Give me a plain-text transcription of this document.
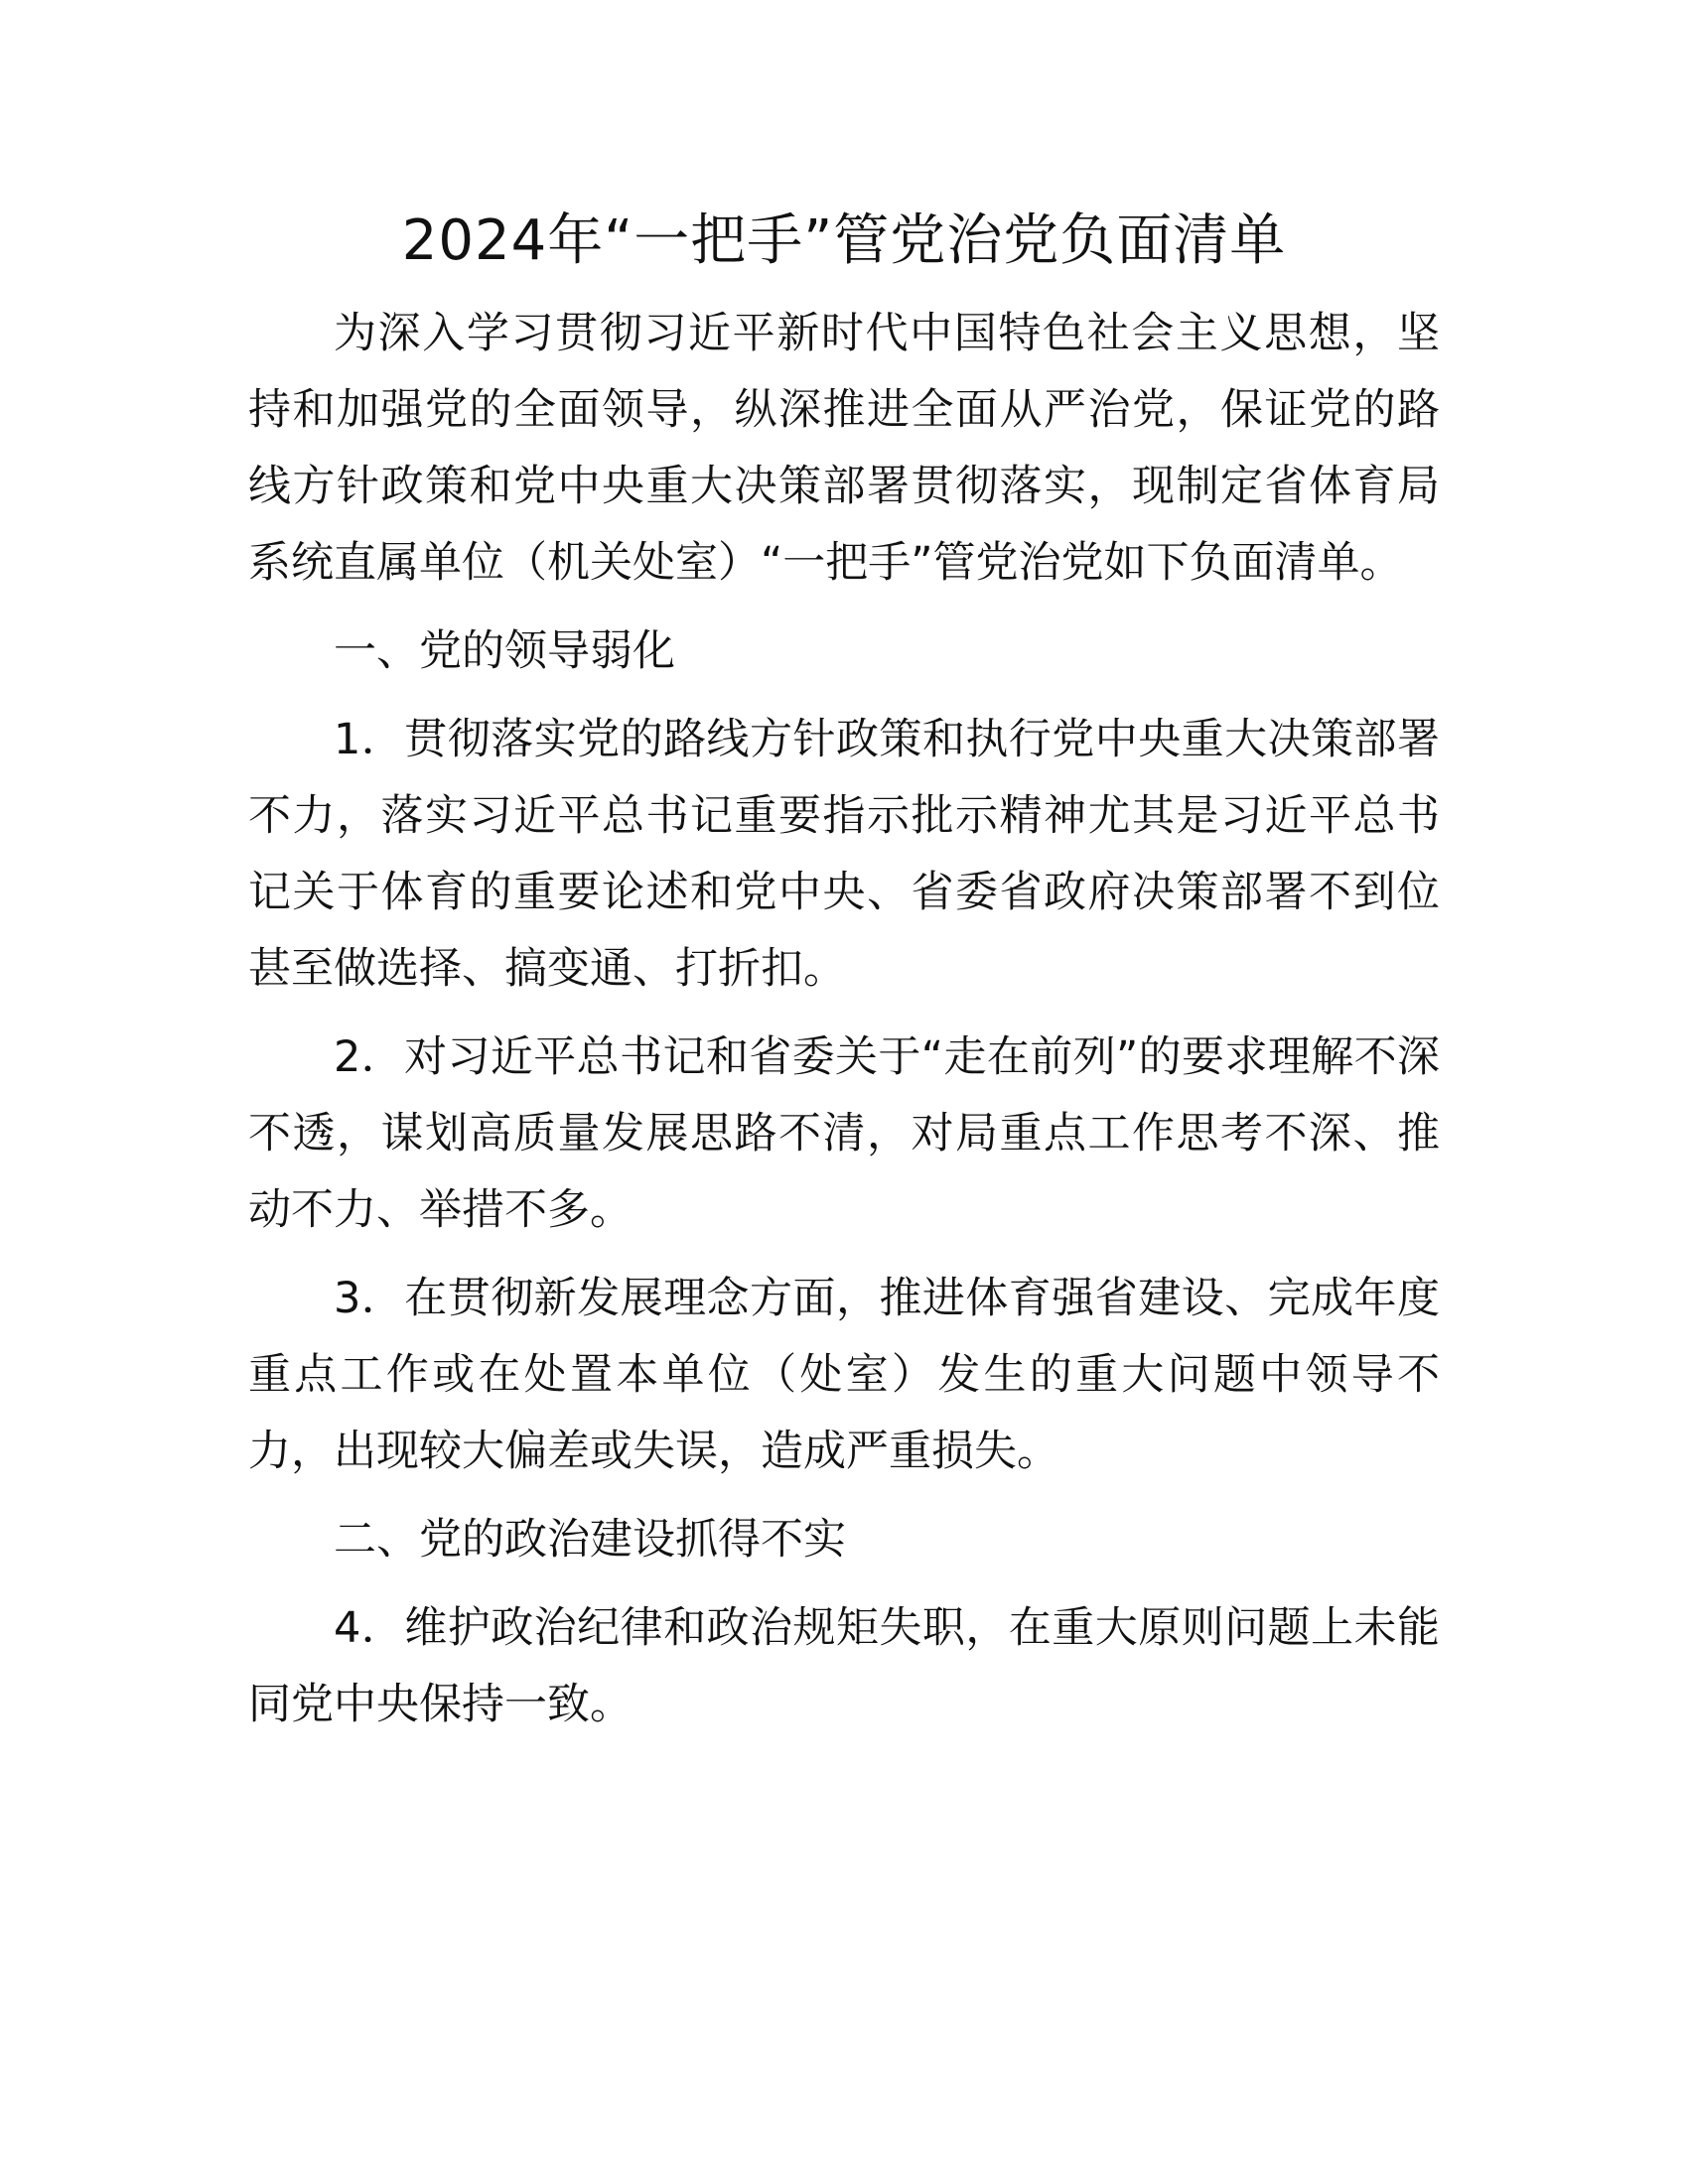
2024年“一把手”管党治党负面清单

为深入学习贯彻习近平新时代中国特色社会主义思想，坚持和加强党的全面领导，纵深推进全面从严治党，保证党的路线方针政策和党中央重大决策部署贯彻落实，现制定省体育局系统直属单位（机关处室）“一把手”管党治党如下负面清单。

一、党的领导弱化

1．贯彻落实党的路线方针政策和执行党中央重大决策部署不力，落实习近平总书记重要指示批示精神尤其是习近平总书记关于体育的重要论述和党中央、省委省政府决策部署不到位甚至做选择、搞变通、打折扣。

2．对习近平总书记和省委关于“走在前列”的要求理解不深不透，谋划高质量发展思路不清，对局重点工作思考不深、推动不力、举措不多。

3．在贯彻新发展理念方面，推进体育强省建设、完成年度重点工作或在处置本单位（处室）发生的重大问题中领导不力，出现较大偏差或失误，造成严重损失。

二、党的政治建设抓得不实

4．维护政治纪律和政治规矩失职，在重大原则问题上未能同党中央保持一致。
